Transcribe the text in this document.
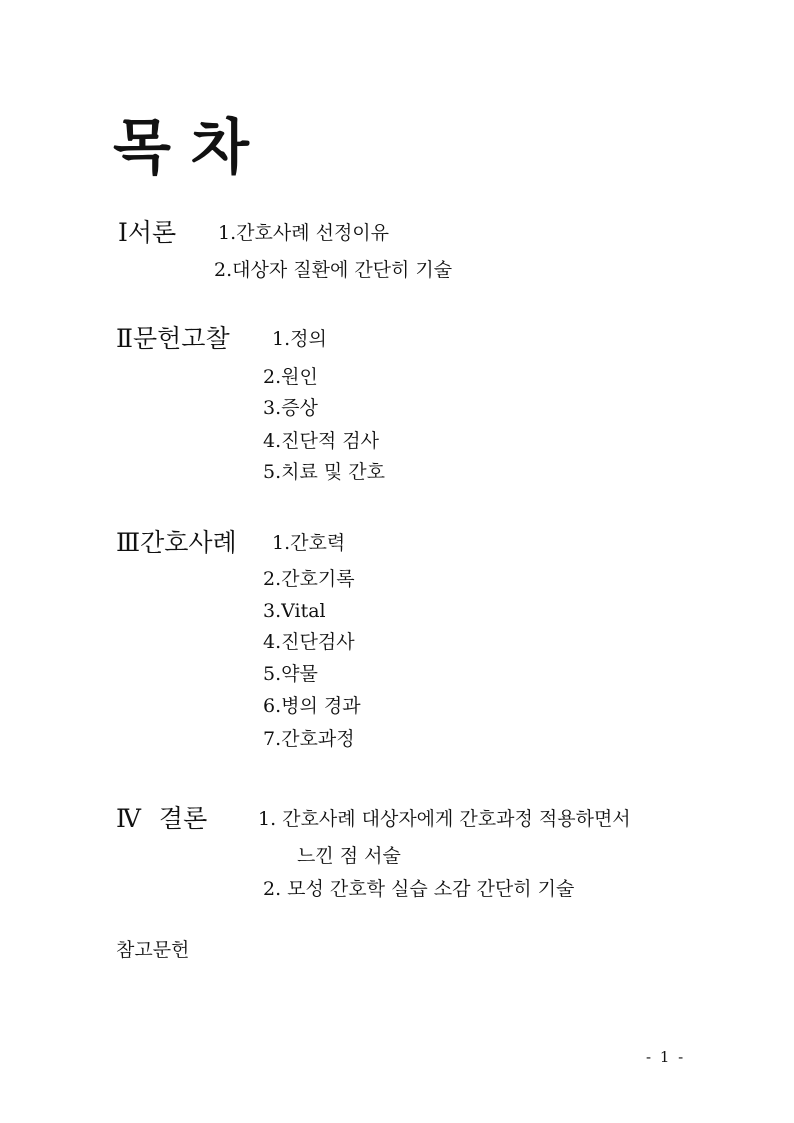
목 차
Ⅰ서론 1.간호사례 선정이유
2.대상자 질환에 간단히 기술
Ⅱ문헌고찰 1.정의
2.원인
3.증상
4.진단적 검사
5.치료 및 간호
Ⅲ간호사례 1.간호력
2.간호기록
3.Vital
4.진단검사
5.약물
6.병의 경과
7.간호과정
Ⅳ 결론	1. 간호사례 대상자에게 간호과정 적용하면서
느낀 점 서술
2. 모성 간호학 실습 소감 간단히 기술
참고문헌
- 1 -
